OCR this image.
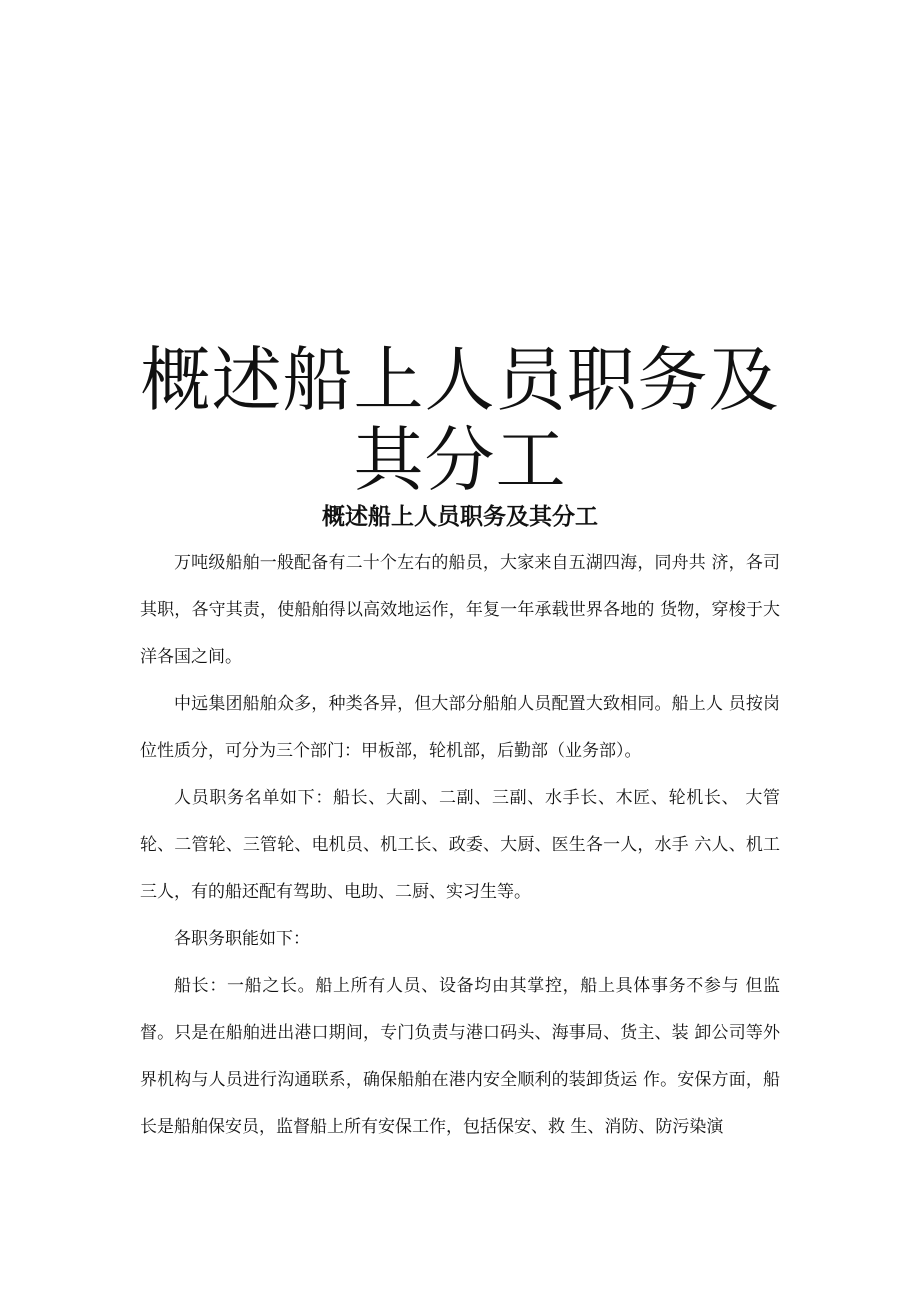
概述船上人员职务及
其分工
概述船上人员职务及其分工

万吨级船舶一般配备有二十个左右的船员，大家来自五湖四海，同舟共 济，各司其职，各守其责，使船舶得以高效地运作，年复一年承载世界各地的 货物，穿梭于大洋各国之间。

中远集团船舶众多，种类各异，但大部分船舶人员配置大致相同。船上人 员按岗位性质分，可分为三个部门：甲板部，轮机部，后勤部（业务部）。

人员职务名单如下：船长、大副、二副、三副、水手长、木匠、轮机长、 大管轮、二管轮、三管轮、电机员、机工长、政委、大厨、医生各一人，水手 六人、机工三人，有的船还配有驾助、电助、二厨、实习生等。

各职务职能如下：

船长：一船之长。船上所有人员、设备均由其掌控，船上具体事务不参与 但监督。只是在船舶进出港口期间，专门负责与港口码头、海事局、货主、装 卸公司等外界机构与人员进行沟通联系，确保船舶在港内安全顺利的装卸货运 作。安保方面，船长是船舶保安员，监督船上所有安保工作，包括保安、救 生、消防、防污染演
